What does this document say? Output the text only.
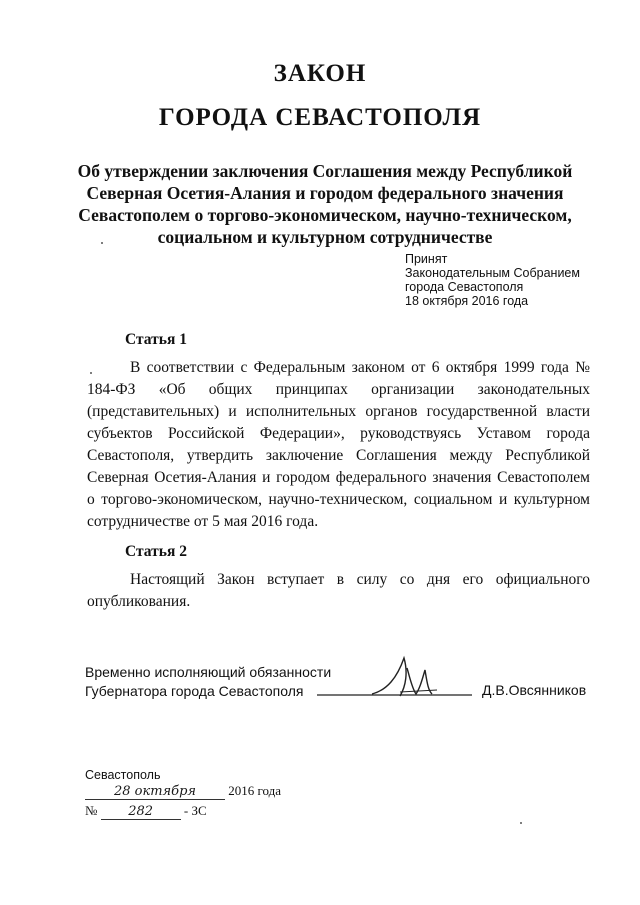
ЗАКОН
ГОРОДА СЕВАСТОПОЛЯ
Об утверждении заключения Соглашения между Республикой Северная Осетия-Алания и городом федерального значения Севастополем о торгово-экономическом, научно-техническом, социальном и культурном сотрудничестве
Принят
Законодательным Собранием
города Севастополя
18 октября 2016 года
Статья 1
В соответствии с Федеральным законом от 6 октября 1999 года № 184-ФЗ «Об общих принципах организации законодательных (представительных) и исполнительных органов государственной власти субъектов Российской Федерации», руководствуясь Уставом города Севастополя, утвердить заключение Соглашения между Республикой Северная Осетия-Алания и городом федерального значения Севастополем о торгово-экономическом, научно-техническом, социальном и культурном сотрудничестве от 5 мая 2016 года.
Статья 2
Настоящий Закон вступает в силу со дня его официального опубликования.
Временно исполняющий обязанности
Губернатора города Севастополя	Д.В.Овсянников
Севастополь
28 октября 2016 года
№ 282 - ЗС
